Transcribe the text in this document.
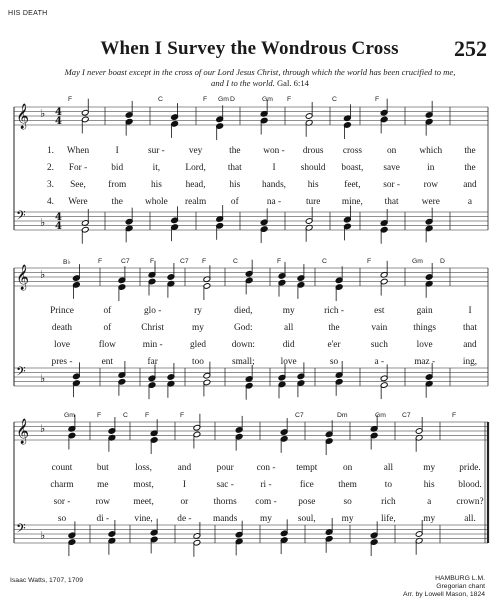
HIS DEATH
When I Survey the Wondrous Cross	252
May I never boast except in the cross of our Lord Jesus Christ, through which the world has been crucified to me, and I to the world. Gal. 6:14
𝄞 ♭ 4
4
𝄢 ♭ 4
4
𝄞 ♭
𝄢 ♭
𝄞 ♭
𝄢 ♭
F	C	F Gm D	Gm F	C	F
B♭	F	C7	F	C7 F	C	F	C	F	Gm	D
Gm	F	C	F	F	C7	Dm	Gm C7	F
1. When	I	sur -	vey	the won - drous cross	on which the
2. For -	bid	it,	Lord, that	I	should boast, save	in	the
3. See, from	his	head,	his hands, his	feet, sor -	row	and
4. Were	the whole realm	of	na -	ture mine, that were	a
Prince	of	glo -	ry	died,	my	rich -	est	gain	I
death	of	Christ	my	God:	all	the	vain	things	that
love	flow	min -	gled	down:	did	e'er	such	love	and
pres -	ent	far	too	small;	love	so	a -	maz -	ing,
count	but	loss,	and	pour con - tempt	on	all	my	pride.
charm	me	most,	I	sac -	ri -	fice	them	to	his	blood.
sor -	row	meet,	or	thorns com - pose	so	rich	a	crown?
so	di -	vine,	de - mands my	soul,	my	life,	my	all.
Isaac Watts, 1707, 1709	HAMBURG L.M.
Gregorian chant
Arr. by Lowell Mason, 1824
